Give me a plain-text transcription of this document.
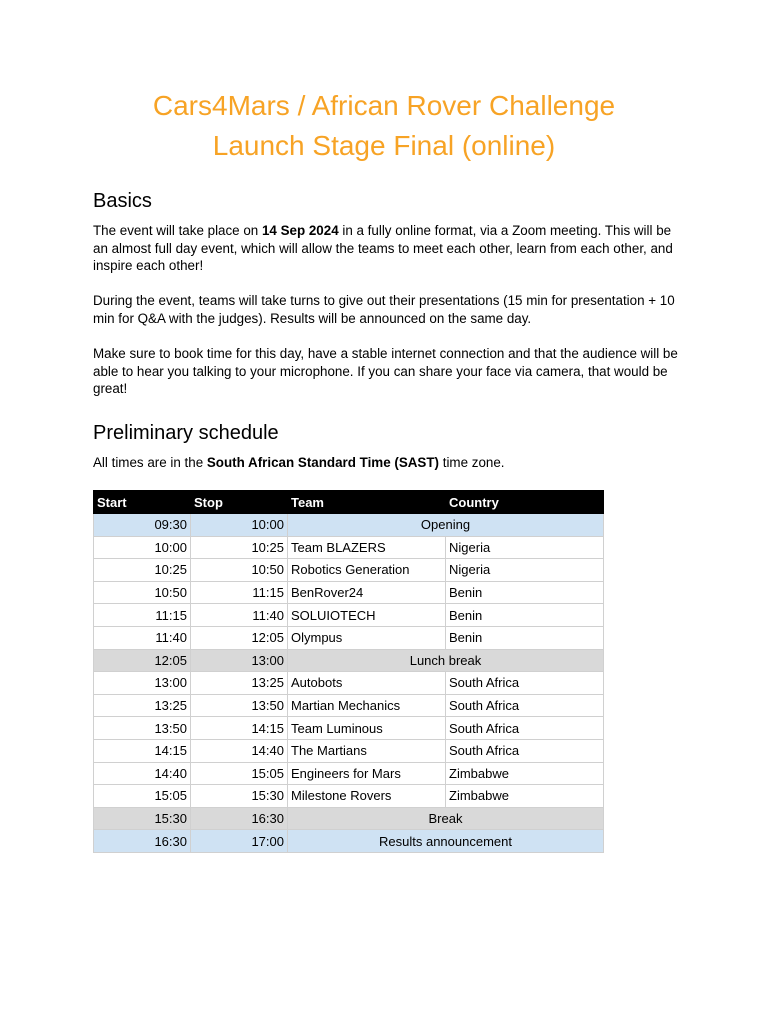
Cars4Mars / African Rover Challenge
Launch Stage Final (online)
Basics

The event will take place on 14 Sep 2024 in a fully online format, via a Zoom meeting. This will be an almost full day event, which will allow the teams to meet each other, learn from each other, and inspire each other!

During the event, teams will take turns to give out their presentations (15 min for presentation + 10 min for Q&A with the judges). Results will be announced on the same day.

Make sure to book time for this day, have a stable internet connection and that the audience will be able to hear you talking to your microphone. If you can share your face via camera, that would be great!

Preliminary schedule

All times are in the South African Standard Time (SAST) time zone.

Start	Stop	Team	Country
09:30	10:00	Opening	
10:00	10:25	Team BLAZERS	Nigeria
10:25	10:50	Robotics Generation	Nigeria
10:50	11:15	BenRover24	Benin
11:15	11:40	SOLUIOTECH	Benin
11:40	12:05	Olympus	Benin
12:05	13:00	Lunch break	
13:00	13:25	Autobots	South Africa
13:25	13:50	Martian Mechanics	South Africa
13:50	14:15	Team Luminous	South Africa
14:15	14:40	The Martians	South Africa
14:40	15:05	Engineers for Mars	Zimbabwe
15:05	15:30	Milestone Rovers	Zimbabwe
15:30	16:30	Break	
16:30	17:00	Results announcement	
